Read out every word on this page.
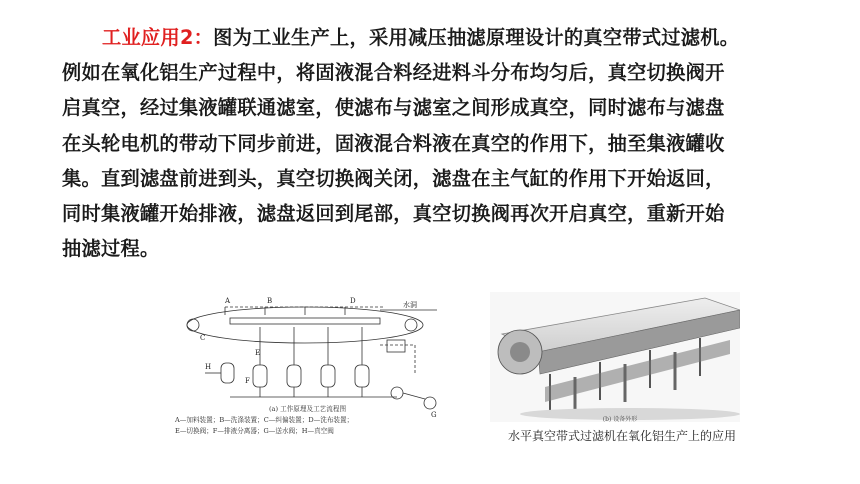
工业应用2：图为工业生产上，采用减压抽滤原理设计的真空带式过滤机。
例如在氧化铝生产过程中，将固液混合料经进料斗分布均匀后，真空切换阀开
启真空，经过集液罐联通滤室，使滤布与滤室之间形成真空，同时滤布与滤盘
在头轮电机的带动下同步前进，固液混合料液在真空的作用下，抽至集液罐收
集。直到滤盘前进到头，真空切换阀关闭，滤盘在主气缸的作用下开始返回，
同时集液罐开始排液，滤盘返回到尾部，真空切换阀再次开启真空，重新开始
抽滤过程。
A	B
C
D
E
F
G
H
水洞
(a) 工作原理及工艺流程图
A—加料装置；B—洗涤装置；C—纠偏装置；D—洗布装置；
E—切换阀；F—排液分离器；G—送水阀；H—真空阀
(b) 设备外形
水平真空带式过滤机在氧化铝生产上的应用
